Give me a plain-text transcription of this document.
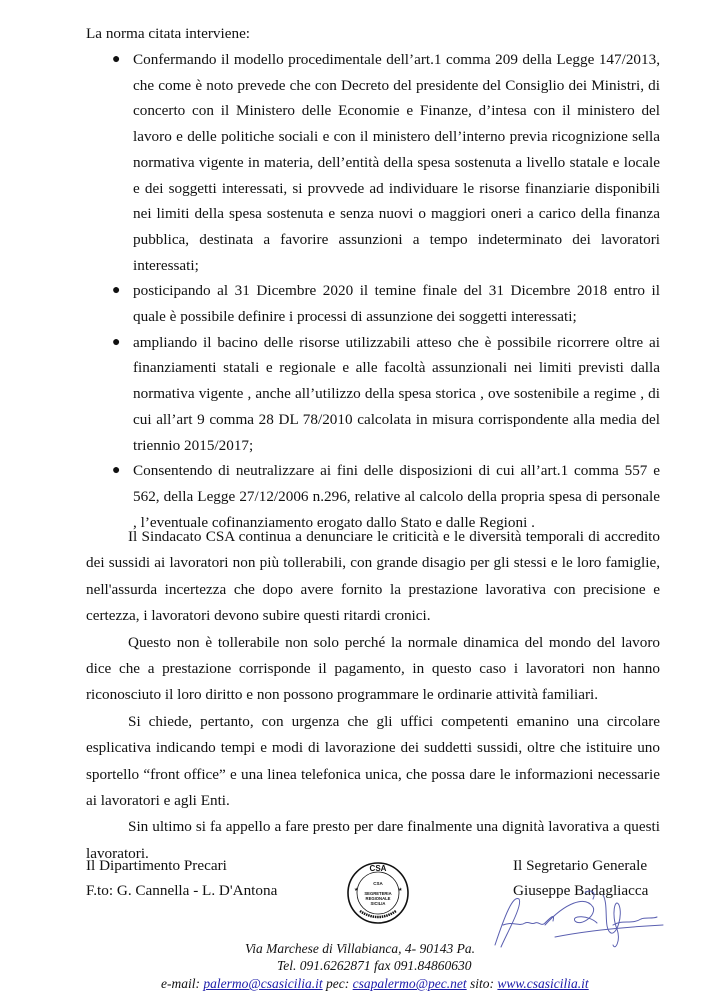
La norma citata interviene:
● Confermando il modello procedimentale dell’art.1 comma 209 della Legge 147/2013, che come è noto prevede che con Decreto del presidente del Consiglio dei Ministri, di concerto con il Ministero delle Economie e Finanze, d’intesa con il ministero del lavoro e delle politiche sociali e con il ministero dell’interno previa ricognizione sella normativa vigente in materia, dell’entità della spesa sostenuta a livello statale e locale e dei soggetti interessati, si provvede ad individuare le risorse finanziarie disponibili nei limiti della spesa sostenuta e senza nuovi o maggiori oneri a carico della finanza pubblica, destinata a favorire assunzioni a tempo indeterminato dei lavoratori interessati;
● posticipando al 31 Dicembre 2020 il temine finale del 31 Dicembre 2018 entro il quale è possibile definire i processi di assunzione dei soggetti interessati;
● ampliando il bacino delle risorse utilizzabili atteso che è possibile ricorrere oltre ai finanziamenti statali e regionale e alle facoltà assunzionali nei limiti previsti dalla normativa vigente , anche all’utilizzo della spesa storica , ove sostenibile a regime , di cui all’art 9 comma 28 DL 78/2010 calcolata in misura corrispondente alla media del triennio 2015/2017;
● Consentendo di neutralizzare ai fini delle disposizioni di cui all’art.1 comma 557 e 562, della Legge 27/12/2006 n.296, relative al calcolo della propria spesa di personale , l’eventuale cofinanziamento erogato dallo Stato e dalle Regioni .

Il Sindacato CSA continua a denunciare le criticità e le diversità temporali di accredito dei sussidi ai lavoratori non più tollerabili, con grande disagio per gli stessi e le loro famiglie, nell'assurda incertezza che dopo avere fornito la prestazione lavorativa con precisione e certezza, i lavoratori devono subire questi ritardi cronici.

Questo non è tollerabile non solo perché la normale dinamica del mondo del lavoro dice che a prestazione corrisponde il pagamento, in questo caso i lavoratori non hanno riconosciuto il loro diritto e non possono programmare le ordinarie attività familiari.

Si chiede, pertanto, con urgenza che gli uffici competenti emanino una circolare esplicativa indicando tempi e modi di lavorazione dei suddetti sussidi, oltre che istituire uno sportello “front office” e una linea telefonica unica, che possa dare le informazioni necessarie ai lavoratori e agli Enti.

Sin ultimo si fa appello a fare presto per dare finalmente una dignità lavorativa a questi lavoratori.

Il Dipartimento Precari
F.to: G. Cannella - L. D'Antona
Il Segretario Generale
Giuseppe Badagliacca
CSA
★	★
CSA
SEGRETERIA
REGIONALE
SICILIA
Via Marchese di Villabianca, 4- 90143 Pa.
Tel. 091.6262871 fax 091.84860630
e-mail: palermo@csasicilia.it pec: csapalermo@pec.net sito: www.csasicilia.it
